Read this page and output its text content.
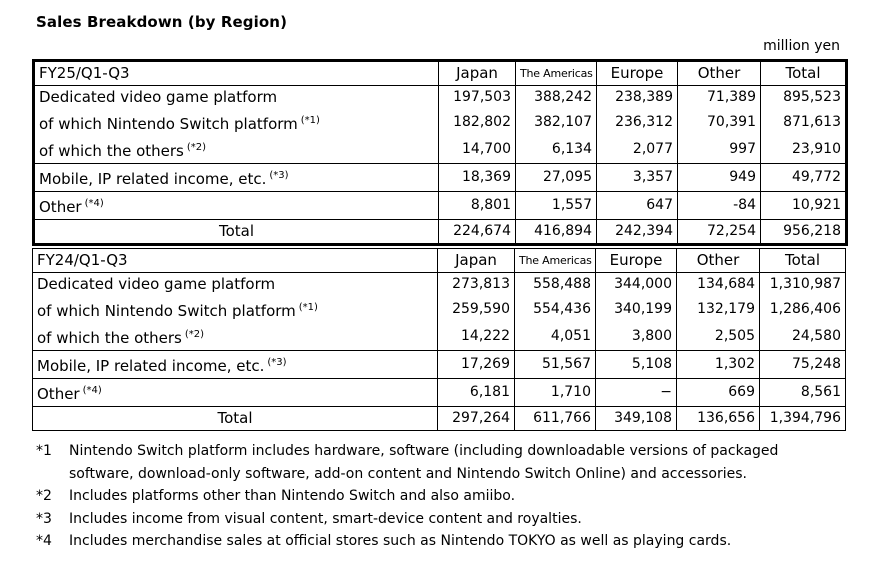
Sales Breakdown (by Region)
million yen
FY25/Q1-Q3	Japan	The Americas	Europe	Other	Total
Dedicated video game platform	197,503	388,242	238,389	71,389	895,523
of which Nintendo Switch platform $^{(*1)}$	182,802	382,107	236,312	70,391	871,613
of which the others $^{(*2)}$	14,700	6,134	2,077	997	23,910
Mobile, IP related income, etc. $^{(*3)}$	18,369	27,095	3,357	949	49,772
Other $^{(*4)}$	8,801	1,557	647	-84	10,921
Total	224,674	416,894	242,394	72,254	956,218
FY24/Q1-Q3	Japan	The Americas	Europe	Other	Total
Dedicated video game platform	273,813	558,488	344,000	134,684	1,310,987
of which Nintendo Switch platform $^{(*1)}$	259,590	554,436	340,199	132,179	1,286,406
of which the others $^{(*2)}$	14,222	4,051	3,800	2,505	24,580
Mobile, IP related income, etc. $^{(*3)}$	17,269	51,567	5,108	1,302	75,248
Other $^{(*4)}$	6,181	1,710	−	669	8,561
Total	297,264	611,766	349,108	136,656	1,394,796
*1	Nintendo Switch platform includes hardware, software (including downloadable versions of packaged software, download-only software, add-on content and Nintendo Switch Online) and accessories.
*2	Includes platforms other than Nintendo Switch and also amiibo.
*3	Includes income from visual content, smart-device content and royalties.
*4	Includes merchandise sales at official stores such as Nintendo TOKYO as well as playing cards.
